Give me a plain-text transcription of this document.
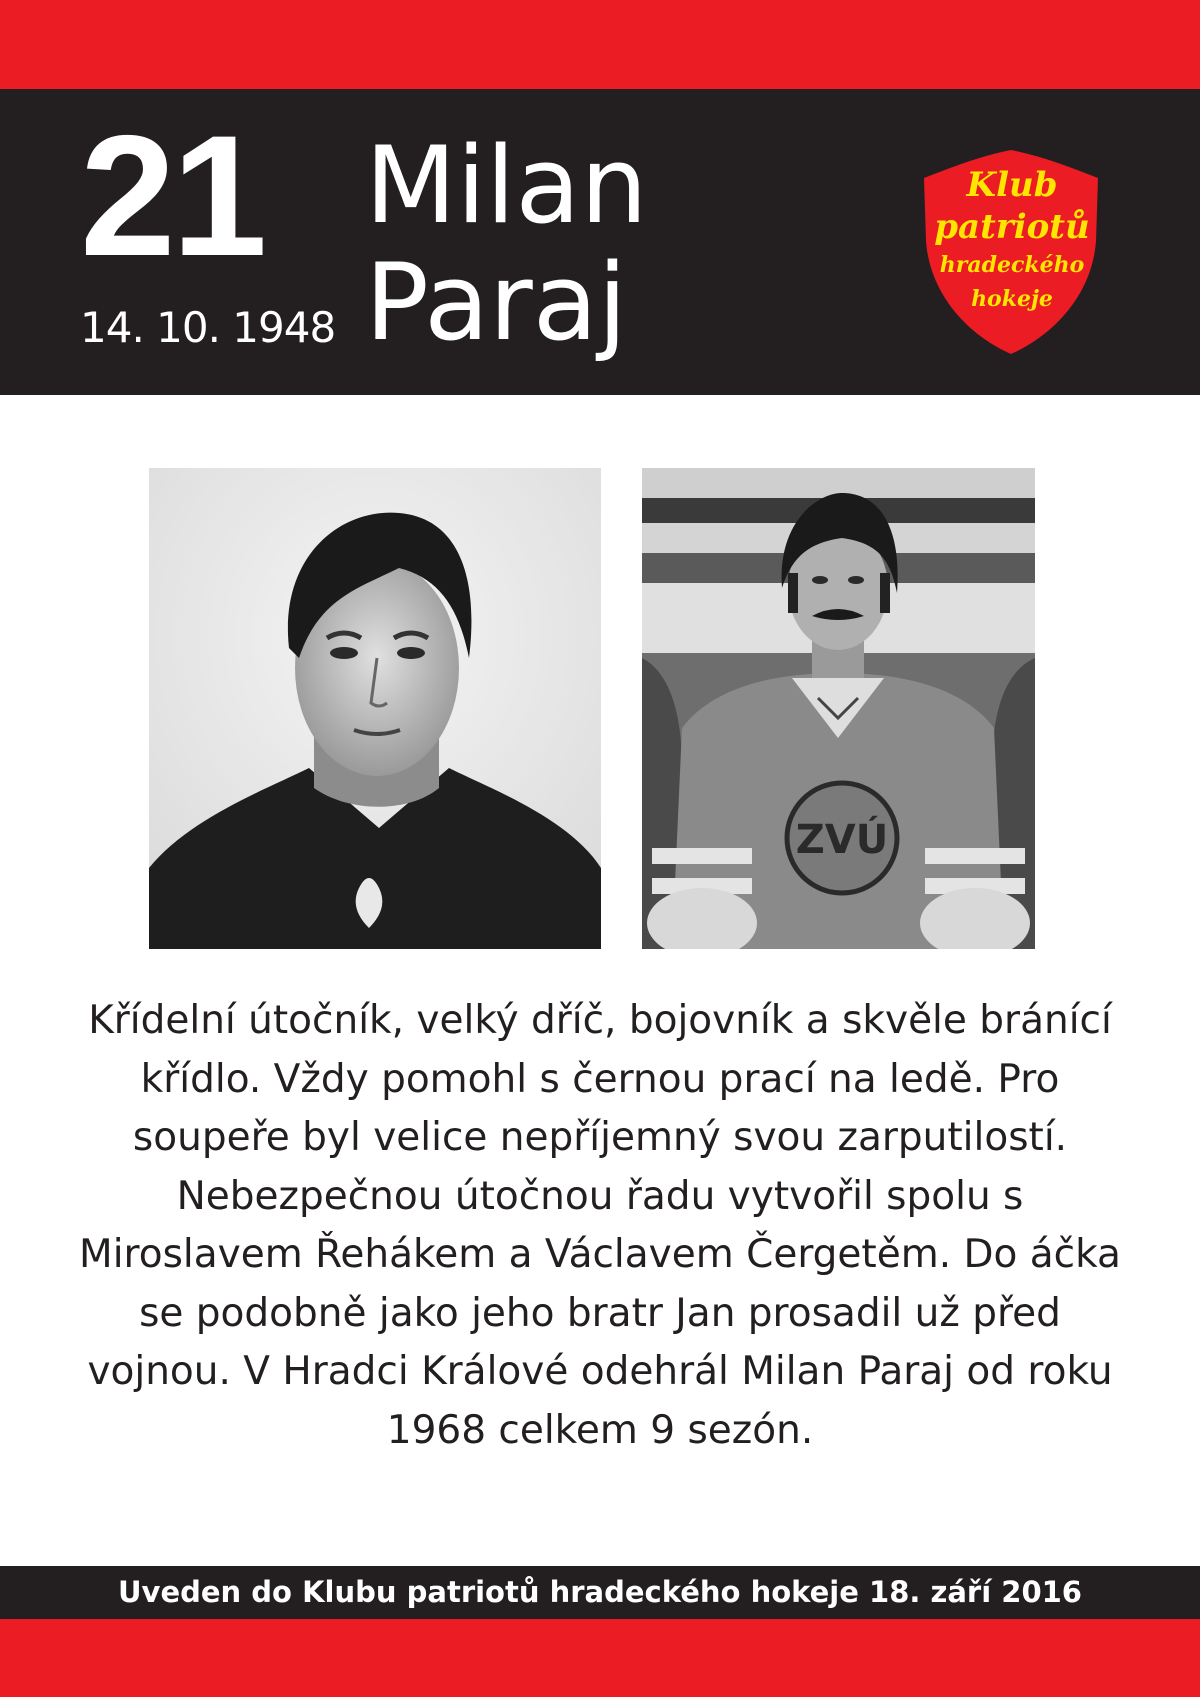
21
14. 10. 1948
Milan
Paraj
Klub
patriotů
hradeckého
hokeje
ZVÚ
Křídelní útočník, velký dříč, bojovník a skvěle bránící křídlo. Vždy pomohl s černou prací na ledě. Pro soupeře byl velice nepříjemný svou zarputilostí. Nebezpečnou útočnou řadu vytvořil spolu s Miroslavem Řehákem a Václavem Čergetěm. Do áčka se podobně jako jeho bratr Jan prosadil už před vojnou. V Hradci Králové odehrál Milan Paraj od roku 1968 celkem 9 sezón.
Uveden do Klubu patriotů hradeckého hokeje 18. září 2016
